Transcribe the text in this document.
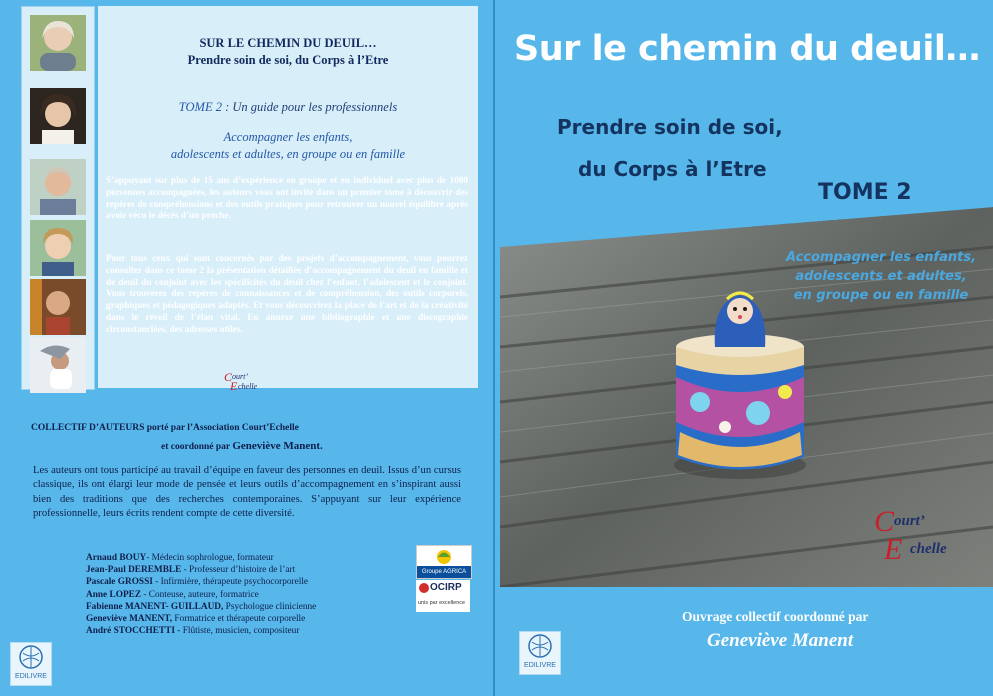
SUR LE CHEMIN DU DEUIL…
Prendre soin de soi, du Corps à l’Etre
TOME 2 : Un guide pour les professionnels
Accompagner les enfants,
adolescents et adultes, en groupe ou en famille
S’appuyant sur plus de 15 ans d’expérience en groupe et en individuel avec plus de 1000 personnes accompagnées, les auteurs vous ont invité dans un premier tome à découvrir des repères de compréhensions et des outils pratiques pour retrouver un nouvel équilibre après avoir vécu le décès d’un proche.
Pour tous ceux qui sont concernés par des projets d’accompagnement, vous pourrez consulter dans ce tome 2 la présentation détaillée d’accompagnement du deuil en famille et de deuil du conjoint avec les spécificités du deuil chez l’enfant, l’adolescent et le conjoint. Vous trouverez des repères de connaissances et de compréhension, des outils corporels, graphiques et pédagogiques adaptés. Et vous découvrirez la place de l’art et de la créativité dans le réveil de l’élan vital. En annexe une bibliographie et une discographie circonstanciées, des adresses utiles.
C ourt’
E chelle
COLLECTIF D’AUTEURS porté par l’Association Court’Echelle
et coordonné par Geneviève Manent.
Les auteurs ont tous participé au travail d’équipe en faveur des personnes en deuil. Issus d’un cursus classique, ils ont élargi leur mode de pensée et leurs outils d’accompagnement en s’inspirant aussi bien des traditions que des recherches contemporaines. S’appuyant sur leur expérience professionnelle, leurs écrits rendent compte de cette diversité.
Arnaud BOUY- Médecin sophrologue, formateur
Jean-Paul DEREMBLE - Professeur d’histoire de l’art
Pascale GROSSI - Infirmière, thérapeute psychocorporelle
Anne LOPEZ - Conteuse, auteure, formatrice
Fabienne MANENT- GUILLAUD, Psychologue clinicienne
Geneviève MANENT, Formatrice et thérapeute corporelle
André STOCCHETTI - Flûtiste, musicien, compositeur
Groupe AGRICA
OCIRP
unis par excellence
EDILIVRE
Sur le chemin du deuil…
Prendre soin de soi,
du Corps à l’Etre
TOME 2
Accompagner les enfants,
adolescents et adultes,
en groupe ou en famille
C ourt’
E chelle
Ouvrage collectif coordonné par
Geneviève Manent
EDILIVRE
